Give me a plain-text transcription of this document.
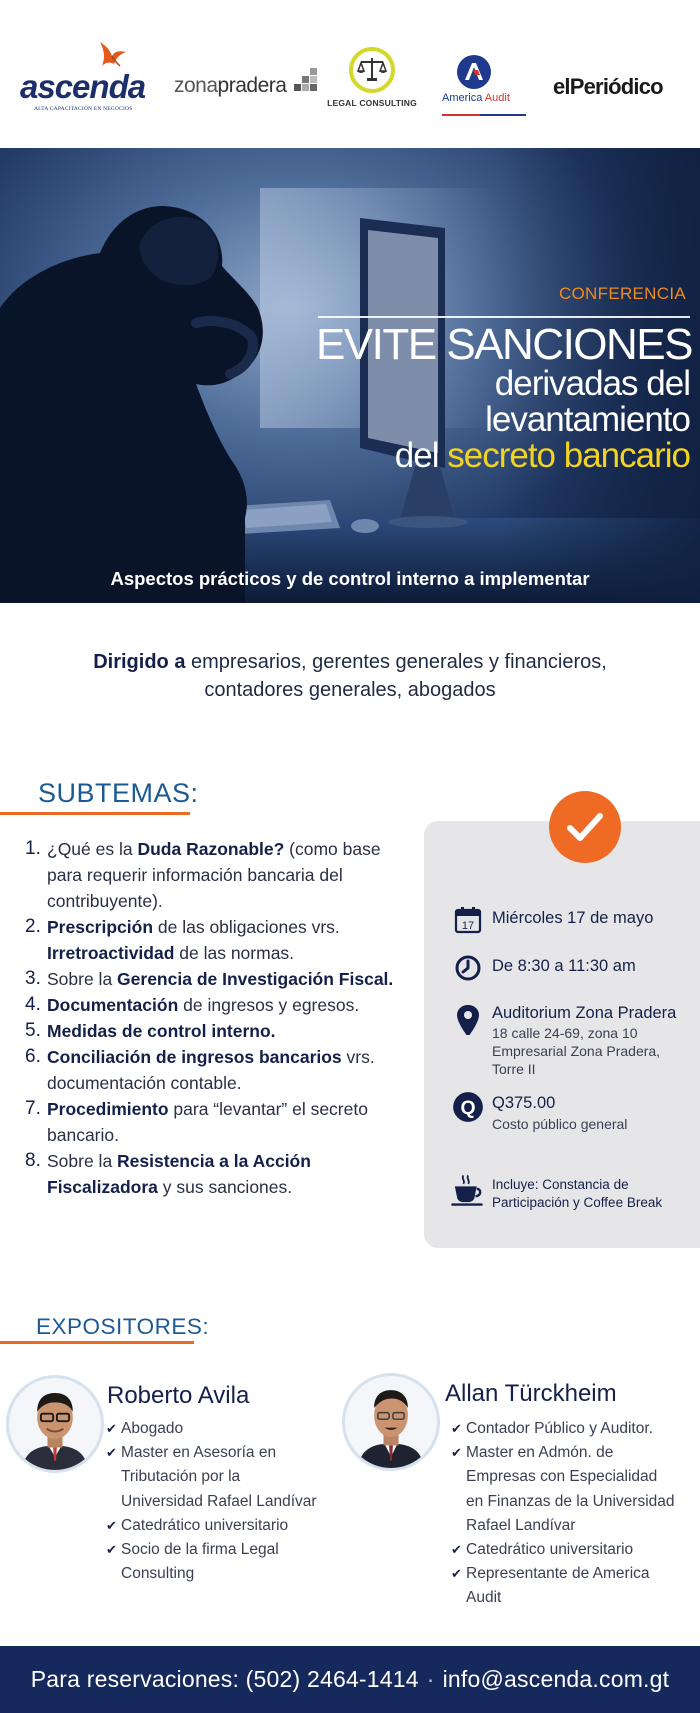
ascenda
ALTA CAPACITACIÓN EN NEGOCIOS
zonapradera
LEGAL CONSULTING America Audit elPeriódico
CONFERENCIA
EVITE SANCIONES
derivadas del
levantamiento
del secreto bancario
Aspectos prácticos y de control interno a implementar
Dirigido a empresarios, gerentes generales y financieros,
contadores generales, abogados
SUBTEMAS:
1. ¿Qué es la Duda Razonable? (como base para requerir información bancaria del contribuyente).
2. Prescripción de las obligaciones vrs. Irretroactividad de las normas.
3. Sobre la Gerencia de Investigación Fiscal.
4. Documentación de ingresos y egresos.
5. Medidas de control interno.
6. Conciliación de ingresos bancarios vrs. documentación contable.
7. Procedimiento para “levantar” el secreto bancario.
8. Sobre la Resistencia a la Acción Fiscalizadora y sus sanciones.
17 Miércoles 17 de mayo
De 8:30 a 11:30 am
Auditorium Zona Pradera
18 calle 24-69, zona 10
Empresarial Zona Pradera,
Torre II
Q Q375.00
Costo público general
Incluye: Constancia de
Participación y Coffee Break
EXPOSITORES:
Roberto Avila
✔ Abogado
✔ Master en Asesoría en
Tributación por la
Universidad Rafael Landívar
✔ Catedrático universitario
✔ Socio de la firma Legal
Consulting
Allan Türckheim
✔ Contador Público y Auditor.
✔ Master en Admón. de
Empresas con Especialidad
en Finanzas de la Universidad
Rafael Landívar
✔ Catedrático universitario
✔ Representante de America
Audit
Para reservaciones: (502) 2464-1414 · info@ascenda.com.gt
